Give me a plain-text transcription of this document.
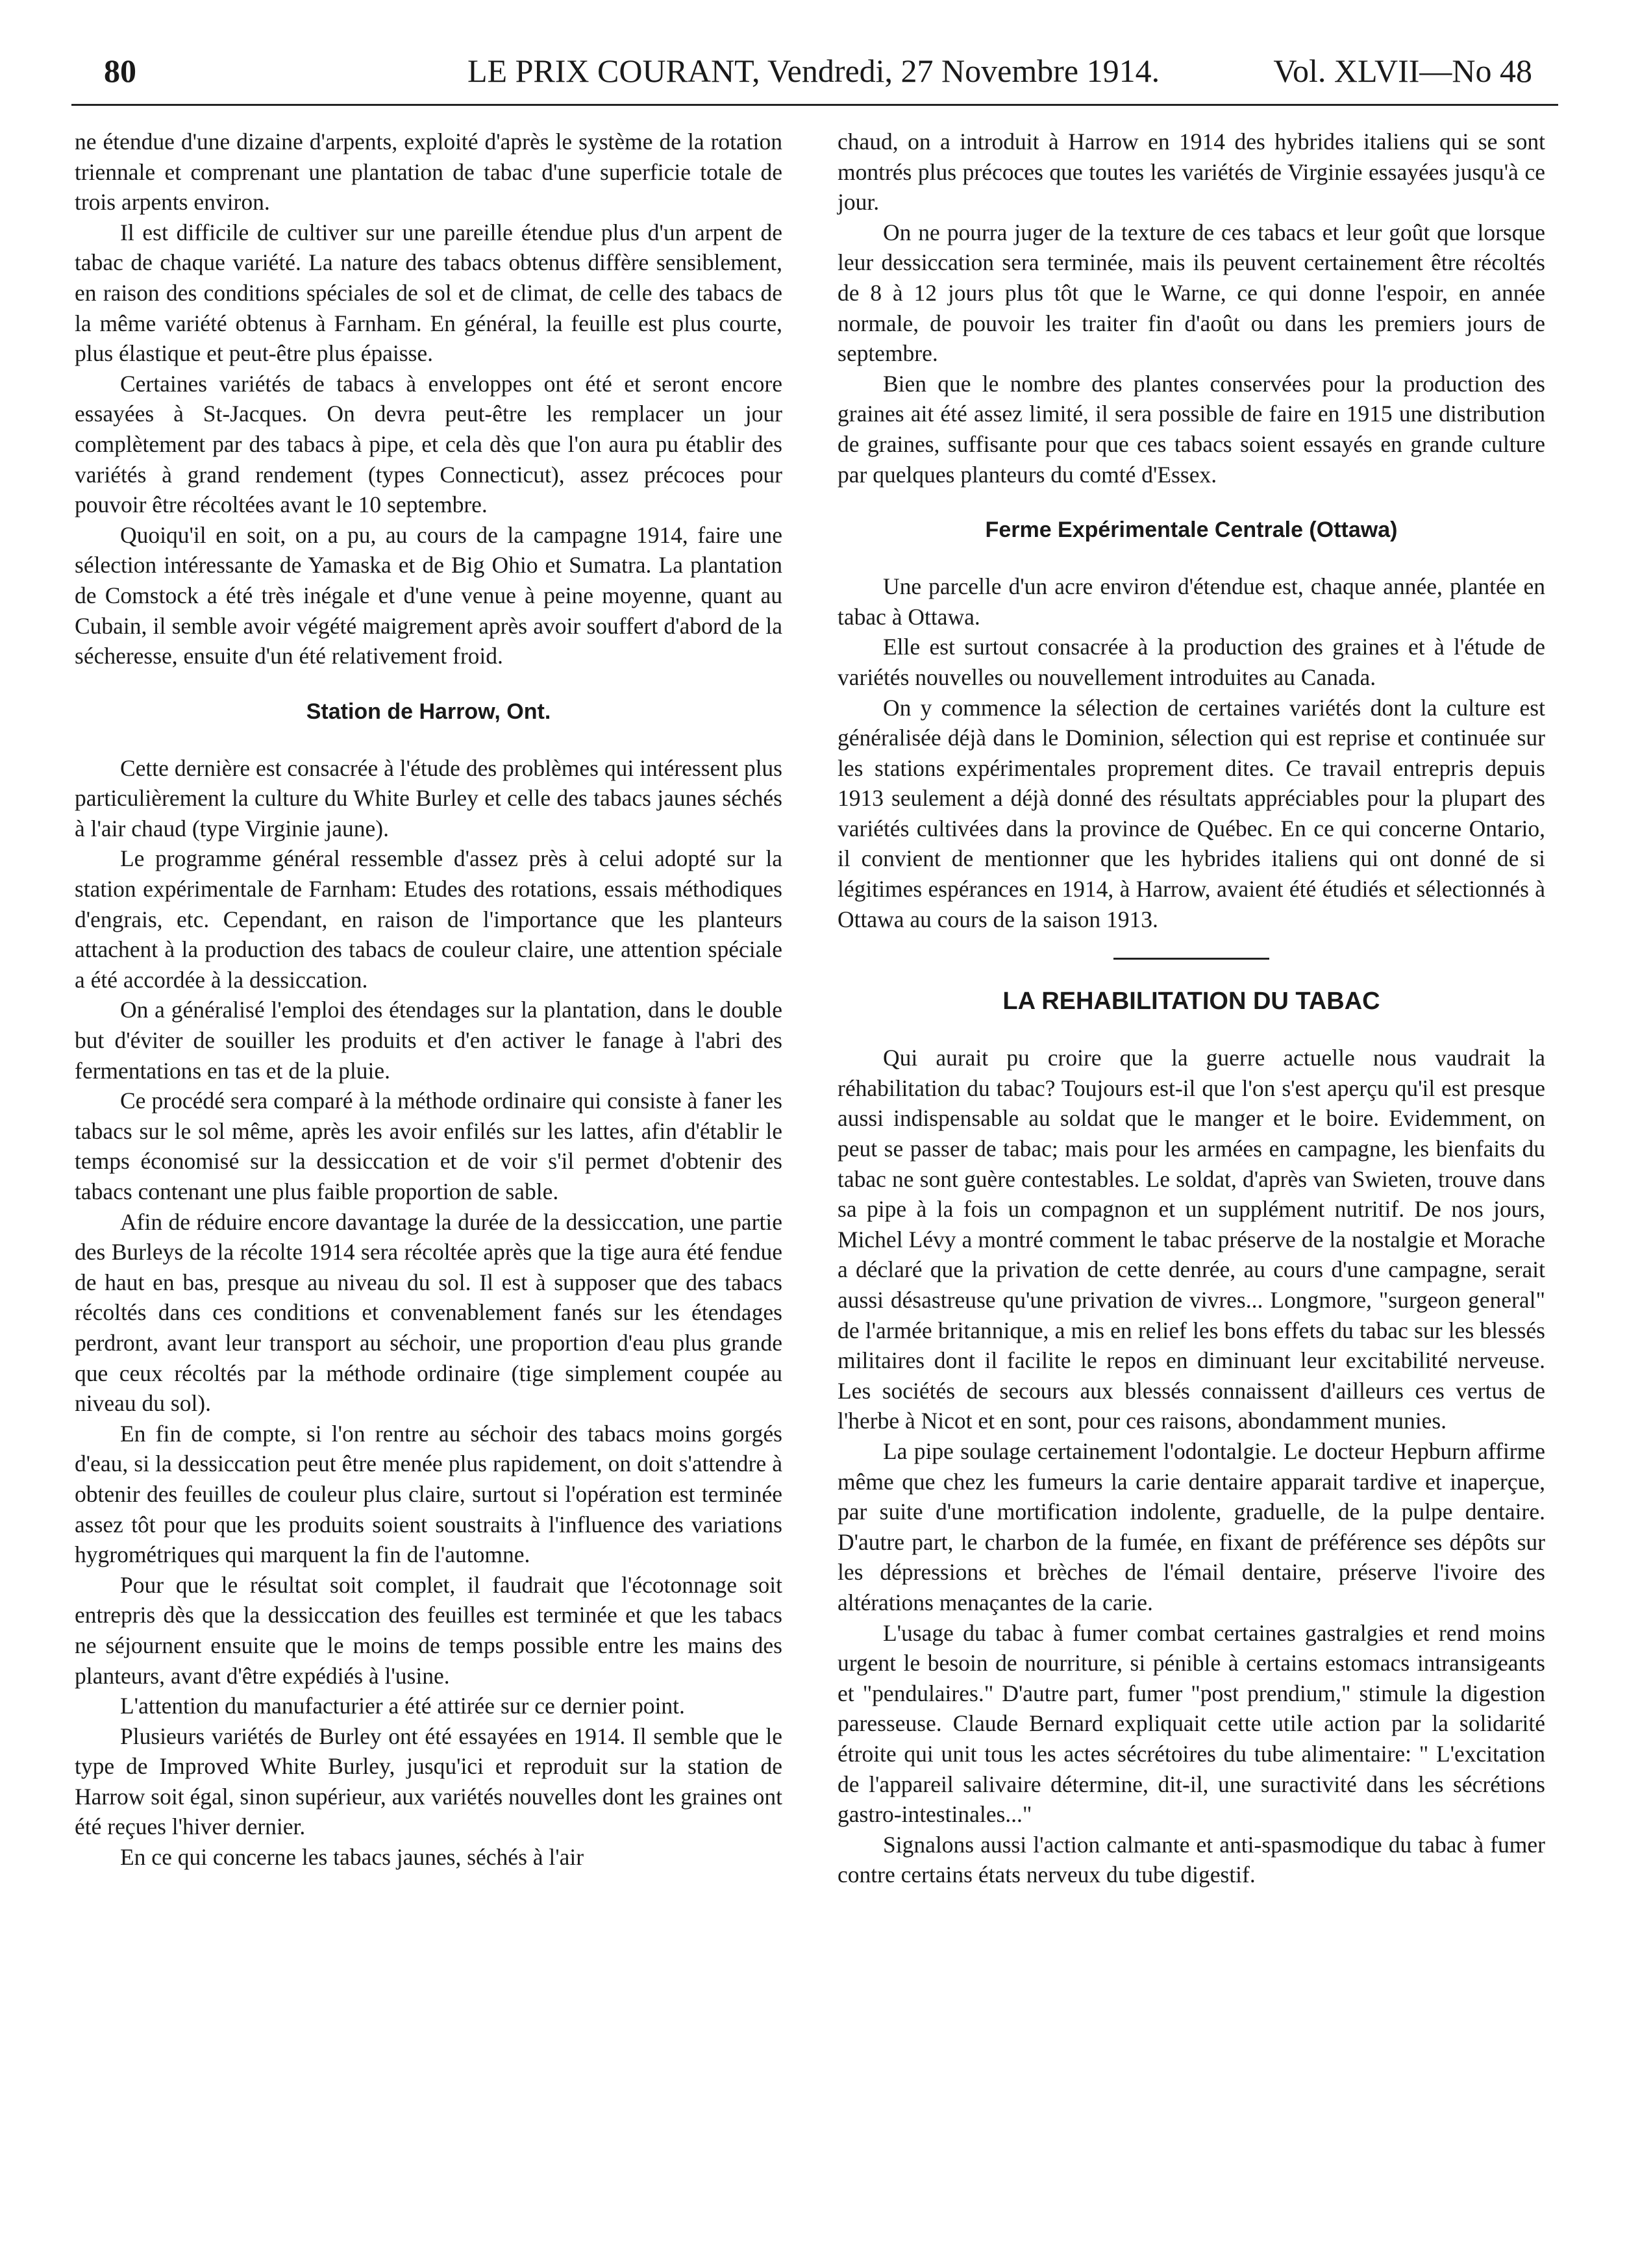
80	LE PRIX COURANT, Vendredi, 27 Novembre 1914.	Vol. XLVII—No 48

ne étendue d'une dizaine d'arpents, exploité d'après le système de la rotation triennale et comprenant une plantation de tabac d'une superficie totale de trois arpents environ.

Il est difficile de cultiver sur une pareille étendue plus d'un arpent de tabac de chaque variété. La nature des tabacs obtenus diffère sensiblement, en raison des conditions spéciales de sol et de climat, de celle des tabacs de la même variété obtenus à Farnham. En général, la feuille est plus courte, plus élastique et peut-être plus épaisse.

Certaines variétés de tabacs à enveloppes ont été et seront encore essayées à St-Jacques. On devra peut-être les remplacer un jour complètement par des tabacs à pipe, et cela dès que l'on aura pu établir des variétés à grand rendement (types Connecticut), assez précoces pour pouvoir être récoltées avant le 10 septembre.

Quoiqu'il en soit, on a pu, au cours de la campagne 1914, faire une sélection intéressante de Yamaska et de Big Ohio et Sumatra. La plantation de Comstock a été très inégale et d'une venue à peine moyenne, quant au Cubain, il semble avoir végété maigrement après avoir souffert d'abord de la sécheresse, ensuite d'un été relativement froid.

Station de Harrow, Ont.

Cette dernière est consacrée à l'étude des problèmes qui intéressent plus particulièrement la culture du White Burley et celle des tabacs jaunes séchés à l'air chaud (type Virginie jaune).

Le programme général ressemble d'assez près à celui adopté sur la station expérimentale de Farnham: Etudes des rotations, essais méthodiques d'engrais, etc. Cependant, en raison de l'importance que les planteurs attachent à la production des tabacs de couleur claire, une attention spéciale a été accordée à la dessiccation.

On a généralisé l'emploi des étendages sur la plantation, dans le double but d'éviter de souiller les produits et d'en activer le fanage à l'abri des fermentations en tas et de la pluie.

Ce procédé sera comparé à la méthode ordinaire qui consiste à faner les tabacs sur le sol même, après les avoir enfilés sur les lattes, afin d'établir le temps économisé sur la dessiccation et de voir s'il permet d'obtenir des tabacs contenant une plus faible proportion de sable.

Afin de réduire encore davantage la durée de la dessiccation, une partie des Burleys de la récolte 1914 sera récoltée après que la tige aura été fendue de haut en bas, presque au niveau du sol. Il est à supposer que des tabacs récoltés dans ces conditions et convenablement fanés sur les étendages perdront, avant leur transport au séchoir, une proportion d'eau plus grande que ceux récoltés par la méthode ordinaire (tige simplement coupée au niveau du sol).

En fin de compte, si l'on rentre au séchoir des tabacs moins gorgés d'eau, si la dessiccation peut être menée plus rapidement, on doit s'attendre à obtenir des feuilles de couleur plus claire, surtout si l'opération est terminée assez tôt pour que les produits soient soustraits à l'influence des variations hygrométriques qui marquent la fin de l'automne.

Pour que le résultat soit complet, il faudrait que l'écotonnage soit entrepris dès que la dessiccation des feuilles est terminée et que les tabacs ne séjournent ensuite que le moins de temps possible entre les mains des planteurs, avant d'être expédiés à l'usine.

L'attention du manufacturier a été attirée sur ce dernier point.

Plusieurs variétés de Burley ont été essayées en 1914. Il semble que le type de Improved White Burley, jusqu'ici et reproduit sur la station de Harrow soit égal, sinon supérieur, aux variétés nouvelles dont les graines ont été reçues l'hiver dernier.

En ce qui concerne les tabacs jaunes, séchés à l'air

chaud, on a introduit à Harrow en 1914 des hybrides italiens qui se sont montrés plus précoces que toutes les variétés de Virginie essayées jusqu'à ce jour.

On ne pourra juger de la texture de ces tabacs et leur goût que lorsque leur dessiccation sera terminée, mais ils peuvent certainement être récoltés de 8 à 12 jours plus tôt que le Warne, ce qui donne l'espoir, en année normale, de pouvoir les traiter fin d'août ou dans les premiers jours de septembre.

Bien que le nombre des plantes conservées pour la production des graines ait été assez limité, il sera possible de faire en 1915 une distribution de graines, suffisante pour que ces tabacs soient essayés en grande culture par quelques planteurs du comté d'Essex.

Ferme Expérimentale Centrale (Ottawa)

Une parcelle d'un acre environ d'étendue est, chaque année, plantée en tabac à Ottawa.

Elle est surtout consacrée à la production des graines et à l'étude de variétés nouvelles ou nouvellement introduites au Canada.

On y commence la sélection de certaines variétés dont la culture est généralisée déjà dans le Dominion, sélection qui est reprise et continuée sur les stations expérimentales proprement dites. Ce travail entrepris depuis 1913 seulement a déjà donné des résultats appréciables pour la plupart des variétés cultivées dans la province de Québec. En ce qui concerne Ontario, il convient de mentionner que les hybrides italiens qui ont donné de si légitimes espérances en 1914, à Harrow, avaient été étudiés et sélectionnés à Ottawa au cours de la saison 1913.

LA REHABILITATION DU TABAC

Qui aurait pu croire que la guerre actuelle nous vaudrait la réhabilitation du tabac? Toujours est-il que l'on s'est aperçu qu'il est presque aussi indispensable au soldat que le manger et le boire. Evidemment, on peut se passer de tabac; mais pour les armées en campagne, les bienfaits du tabac ne sont guère contestables. Le soldat, d'après van Swieten, trouve dans sa pipe à la fois un compagnon et un supplément nutritif. De nos jours, Michel Lévy a montré comment le tabac préserve de la nostalgie et Morache a déclaré que la privation de cette denrée, au cours d'une campagne, serait aussi désastreuse qu'une privation de vivres... Longmore, "surgeon general" de l'armée britannique, a mis en relief les bons effets du tabac sur les blessés militaires dont il facilite le repos en diminuant leur excitabilité nerveuse. Les sociétés de secours aux blessés connaissent d'ailleurs ces vertus de l'herbe à Nicot et en sont, pour ces raisons, abondamment munies.

La pipe soulage certainement l'odontalgie. Le docteur Hepburn affirme même que chez les fumeurs la carie dentaire apparait tardive et inaperçue, par suite d'une mortification indolente, graduelle, de la pulpe dentaire. D'autre part, le charbon de la fumée, en fixant de préférence ses dépôts sur les dépressions et brèches de l'émail dentaire, préserve l'ivoire des altérations menaçantes de la carie.

L'usage du tabac à fumer combat certaines gastralgies et rend moins urgent le besoin de nourriture, si pénible à certains estomacs intransigeants et "pendulaires." D'autre part, fumer "post prendium," stimule la digestion paresseuse. Claude Bernard expliquait cette utile action par la solidarité étroite qui unit tous les actes sécrétoires du tube alimentaire: " L'excitation de l'appareil salivaire détermine, dit-il, une suractivité dans les sécrétions gastro-intestinales..."

Signalons aussi l'action calmante et anti-spasmodique du tabac à fumer contre certains états nerveux du tube digestif.
